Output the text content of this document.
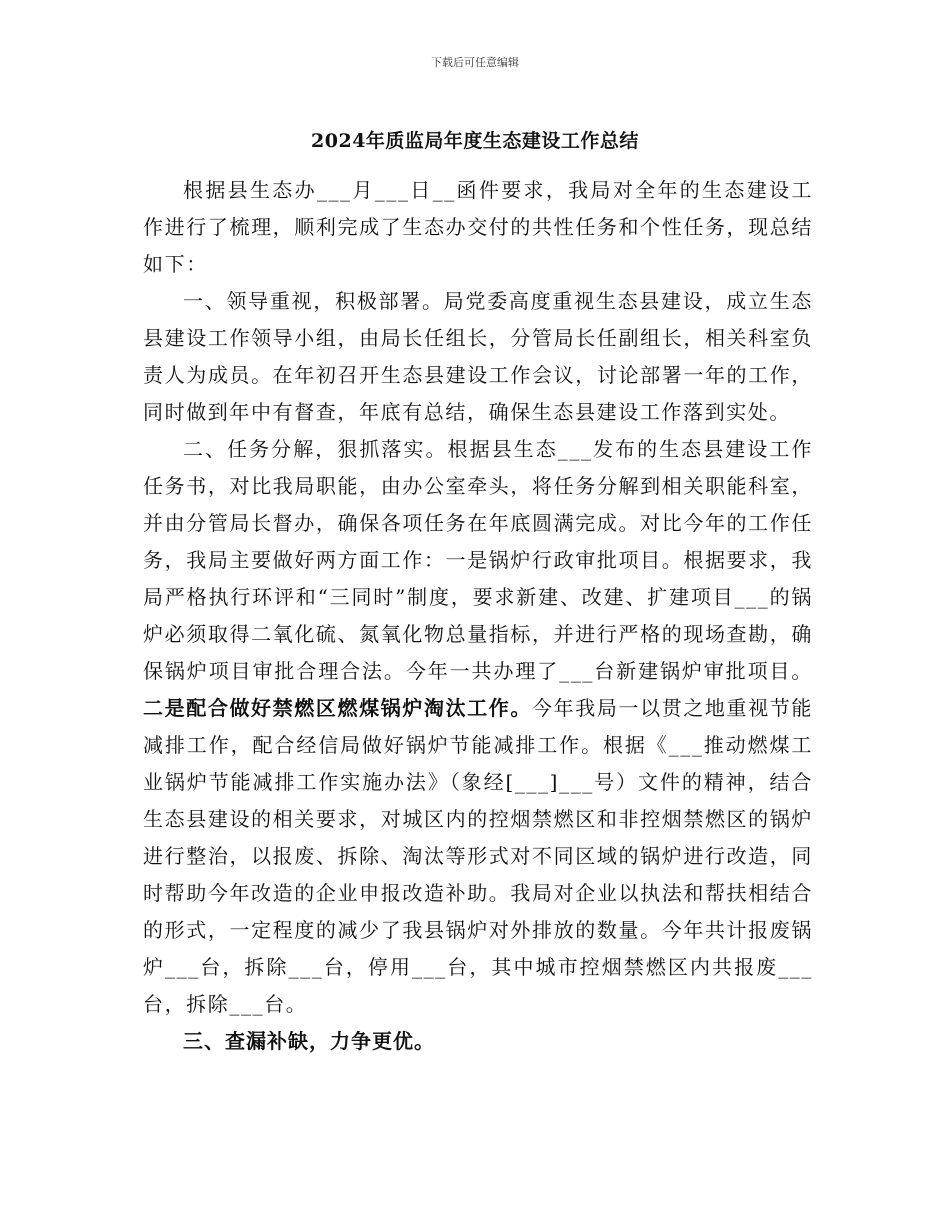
下载后可任意编辑
2024年质监局年度生态建设工作总结

根据县生态办___月___日__函件要求，我局对全年的生态建设工作进行了梳理，顺利完成了生态办交付的共性任务和个性任务，现总结如下：

一、领导重视，积极部署。局党委高度重视生态县建设，成立生态县建设工作领导小组，由局长任组长，分管局长任副组长，相关科室负责人为成员。在年初召开生态县建设工作会议，讨论部署一年的工作，同时做到年中有督查，年底有总结，确保生态县建设工作落到实处。

二、任务分解，狠抓落实。根据县生态___发布的生态县建设工作任务书，对比我局职能，由办公室牵头，将任务分解到相关职能科室，并由分管局长督办，确保各项任务在年底圆满完成。对比今年的工作任务，我局主要做好两方面工作：一是锅炉行政审批项目。根据要求，我局严格执行环评和“三同时”制度，要求新建、改建、扩建项目___的锅炉必须取得二氧化硫、氮氧化物总量指标，并进行严格的现场查勘，确保锅炉项目审批合理合法。今年一共办理了___台新建锅炉审批项目。二是配合做好禁燃区燃煤锅炉淘汰工作。今年我局一以贯之地重视节能减排工作，配合经信局做好锅炉节能减排工作。根据《___推动燃煤工业锅炉节能减排工作实施办法》（象经[___]___号）文件的精神，结合生态县建设的相关要求，对城区内的控烟禁燃区和非控烟禁燃区的锅炉进行整治，以报废、拆除、淘汰等形式对不同区域的锅炉进行改造，同时帮助今年改造的企业申报改造补助。我局对企业以执法和帮扶相结合的形式，一定程度的减少了我县锅炉对外排放的数量。今年共计报废锅炉___台，拆除___台，停用___台，其中城市控烟禁燃区内共报废___台，拆除___台。

三、查漏补缺，力争更优。
